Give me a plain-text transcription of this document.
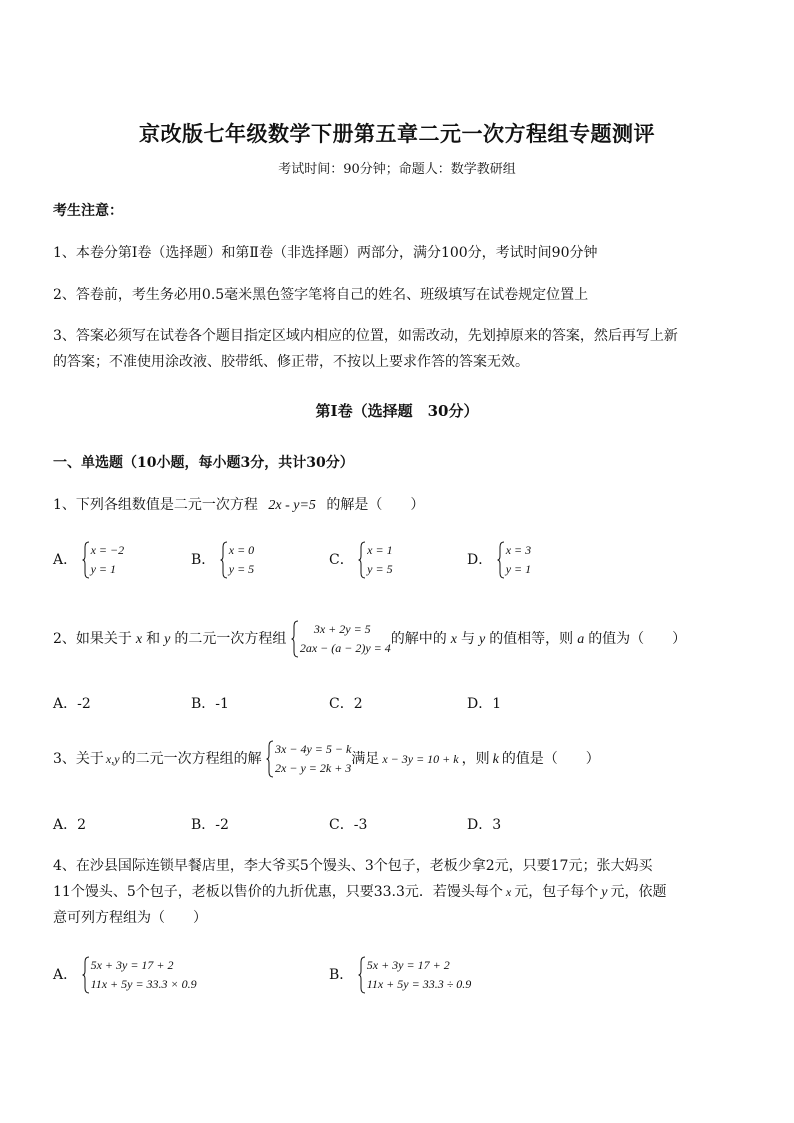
京改版七年级数学下册第五章二元一次方程组专题测评
考试时间：90分钟；命题人：数学教研组
考生注意：
1、本卷分第Ⅰ卷（选择题）和第Ⅱ卷（非选择题）两部分，满分100分，考试时间90分钟
2、答卷前，考生务必用0.5毫米黑色签字笔将自己的姓名、班级填写在试卷规定位置上
3、答案必须写在试卷各个题目指定区域内相应的位置，如需改动，先划掉原来的答案，然后再写上新
的答案；不准使用涂改液、胶带纸、修正带，不按以上要求作答的答案无效。
第Ⅰ卷（选择题　30分）
一、单选题（10小题，每小题3分，共计30分）
1、下列各组数值是二元一次方程 2x - y=5 的解是（　　）
A．
x = −2
y = 1
B．
x = 0
y = 5
C．
x = 1
y = 5
D．
x = 3
y = 1
2、如果关于 x 和 y 的二元一次方程组
3x + 2y = 5
2ax − (a − 2)y = 4
的解中的 x 与 y 的值相等，则 a 的值为（　　）
A．-2	B．-1	C．2	D．1
3、关于 x,y 的二元一次方程组的解
3x − 4y = 5 − k
2x − y = 2k + 3
满足 x − 3y = 10 + k ，则 k 的值是（　　）
A．2	B．-2	C．-3	D．3
4、在沙县国际连锁早餐店里，李大爷买5个馒头、3个包子，老板少拿2元，只要17元；张大妈买
11个馒头、5个包子，老板以售价的九折优惠，只要33.3元．若馒头每个 x 元，包子每个 y 元，依题
意可列方程组为（　　）
A．
5x + 3y = 17 + 2
11x + 5y = 33.3 × 0.9
B．
5x + 3y = 17 + 2
11x + 5y = 33.3 ÷ 0.9
